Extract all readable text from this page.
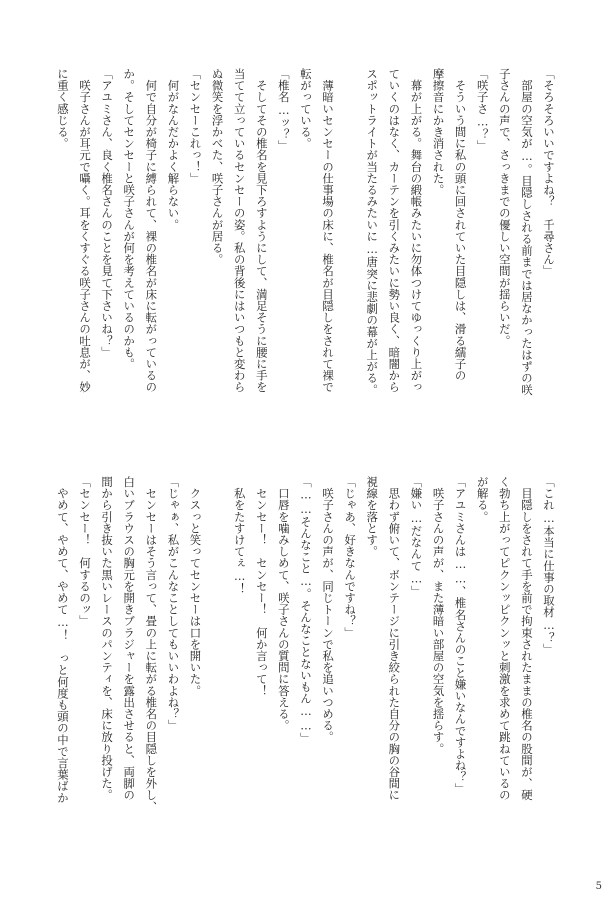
「そろそろいいですよね？　千尋さん」
　部屋の空気が…。目隠しされる前までは居なかったはずの咲
子さんの声で、さっきまでの優しい空間が揺らいだ。
「咲子さ…？」
　そういう間に私の頭に回されていた目隠しは、滑る繻子の
摩擦音にかき消された。
　幕が上がる。舞台の緞帳みたいに勿体つけてゆっくり上がっ
ていくのはなく、カーテンを引くみたいに勢い良く、暗闇から
スポットライトが当たるみたいに…唐突に悲劇の幕が上がる。

　薄暗いセンセーの仕事場の床に、椎名が目隠しをされて裸で
転がっている。
「椎名…ッ？」
　そしてその椎名を見下ろすようにして、満足そうに腰に手を
当てて立っているセンセーの姿。私の背後にはいつもと変わら
ぬ微笑を浮かべた、咲子さんが居る。
「センセーこれっ！」
　何がなんだかよく解らない。
　何で自分が椅子に縛られて、裸の椎名が床に転がっているの
か。そしてセンセーと咲子さんが何を考えているのかも。
「アユミさん、良く椎名さんのことを見て下さいね？」
　咲子さんが耳元で囁く。耳をくすぐる咲子さんの吐息が、妙
に重く感じる。
「これ…本当に仕事の取材…？」
　目隠しをされて手を前で拘束されたままの椎名の股間が、硬
く勃ち上がってピクンッピクンッと刺激を求めて跳ねているの
が解る。
「アユミさんは……、椎名さんのこと嫌いなんですよね？」
　咲子さんの声が、また薄暗い部屋の空気を揺らす。
「嫌い…だなんて…」
　思わず俯いて、ボンテージに引き絞られた自分の胸の谷間に
視線を落とす。
「じゃあ、好きなんですね？」
　咲子さんの声が、同じトーンで私を追いつめる。
「……そんなこと…。そんなことないもん……」
　口唇を噛みしめて、咲子さんの質問に答える。
　センセー！　センセー！　何か言って！
　私をたすけてぇ…！

　クスっと笑ってセンセーは口を開いた。
「じゃぁ、私がこんなことしてもいいわよね？」
　センセーはそう言って、畳の上に転がる椎名の目隠しを外し、
白いブラウスの胸元を開きブラジャーを露出させると、両脚の
間から引き抜いた黒いレースのパンティを、床に放り投げた。
「センセー！　何するのッ」
　やめて、やめて、やめて…！　っと何度も頭の中で言葉ばか
5
